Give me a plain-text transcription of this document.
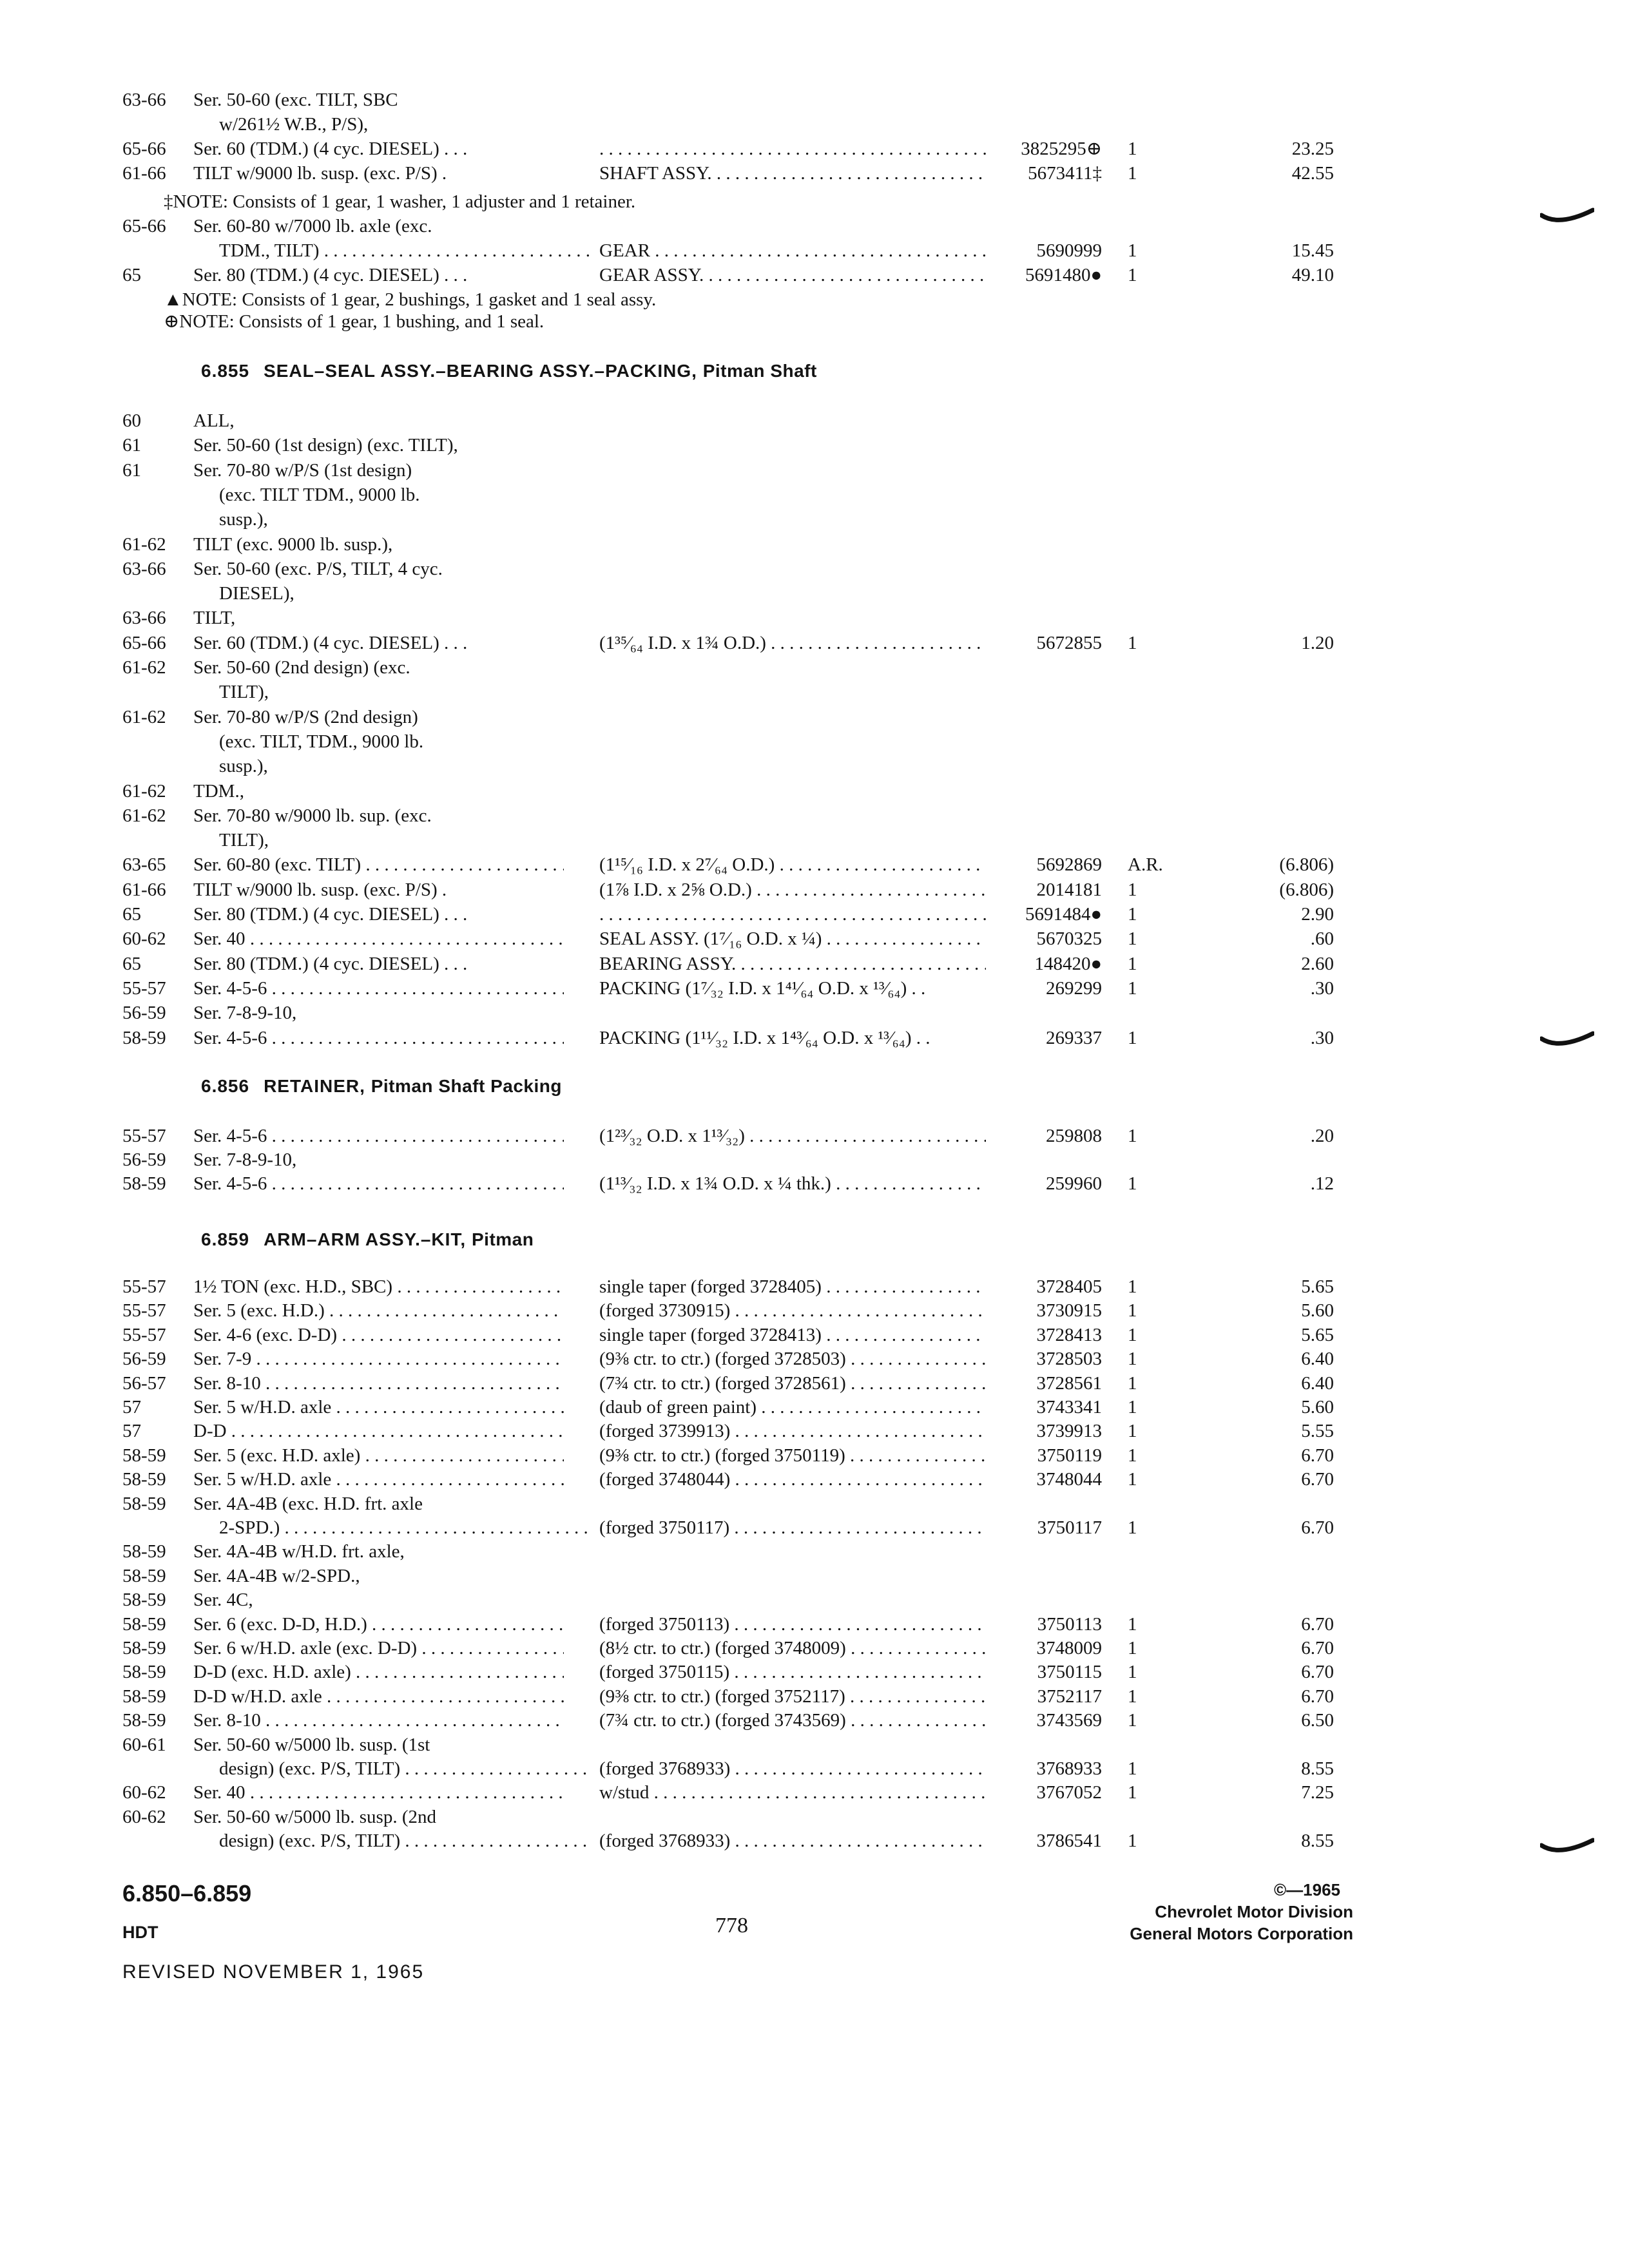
63-66 Ser. 50-60 (exc. TILT, SBC
w/261½ W.B., P/S),
65-66 Ser. 60 (TDM.) (4 cyc. DIESEL) . . . . . .	3825295⊕ 1	23.25
61-66 TILT w/9000 lb. susp. (exc. P/S) .	SHAFT ASSY. . . .	5673411‡ 1	42.55
‡NOTE: Consists of 1 gear, 1 washer, 1 adjuster and 1 retainer.
65-66 Ser. 60-80 w/7000 lb. axle (exc.
TDM., TILT) . . .	GEAR . . .	5690999 1	15.45
65	Ser. 80 (TDM.) (4 cyc. DIESEL) . . .	GEAR ASSY. . . .	5691480● 1	49.10
▲NOTE: Consists of 1 gear, 2 bushings, 1 gasket and 1 seal assy.
⊕NOTE: Consists of 1 gear, 1 bushing, and 1 seal.
6.855 SEAL–SEAL ASSY.–BEARING ASSY.–PACKING, Pitman Shaft
60	ALL,
61	Ser. 50-60 (1st design) (exc. TILT),
61	Ser. 70-80 w/P/S (1st design)
(exc. TILT TDM., 9000 lb.
susp.),
61-62 TILT (exc. 9000 lb. susp.),
63-66 Ser. 50-60 (exc. P/S, TILT, 4 cyc.
DIESEL),
63-66 TILT,
65-66 Ser. 60 (TDM.) (4 cyc. DIESEL) . . .	(1³⁵⁄₆₄ I.D. x 1¾ O.D.) . . .	5672855 1	1.20
61-62 Ser. 50-60 (2nd design) (exc.
TILT),
61-62 Ser. 70-80 w/P/S (2nd design)
(exc. TILT, TDM., 9000 lb.
susp.),
61-62 TDM.,
61-62 Ser. 70-80 w/9000 lb. sup. (exc.
TILT),
63-65 Ser. 60-80 (exc. TILT) . . .	(1¹⁵⁄₁₆ I.D. x 2⁷⁄₆₄ O.D.) . . .	5692869 A.R.	(6.806)
61-66 TILT w/9000 lb. susp. (exc. P/S) .	(1⅞ I.D. x 2⅝ O.D.) . . .	2014181 1	(6.806)
65	Ser. 80 (TDM.) (4 cyc. DIESEL) . . . . . .	5691484● 1	2.90
60-62 Ser. 40 . . .	SEAL ASSY. (1⁷⁄₁₆ O.D. x ¼) . . .	5670325 1	.60
65	Ser. 80 (TDM.) (4 cyc. DIESEL) . . .	BEARING ASSY. . . .	148420● 1	2.60
55-57 Ser. 4-5-6 . . .	PACKING (1⁷⁄₃₂ I.D. x 1⁴¹⁄₆₄ O.D. x ¹³⁄₆₄) . .	269299 1	.30
56-59 Ser. 7-8-9-10,
58-59 Ser. 4-5-6 . . .	PACKING (1¹¹⁄₃₂ I.D. x 1⁴³⁄₆₄ O.D. x ¹³⁄₆₄) . .	269337 1	.30
6.856 RETAINER, Pitman Shaft Packing
55-57 Ser. 4-5-6 . . .	(1²³⁄₃₂ O.D. x 1¹³⁄₃₂) . . .	259808 1	.20
56-59 Ser. 7-8-9-10,
58-59 Ser. 4-5-6 . . .	(1¹³⁄₃₂ I.D. x 1¾ O.D. x ¼ thk.) . . .	259960 1	.12
6.859 ARM–ARM ASSY.–KIT, Pitman
55-57 1½ TON (exc. H.D., SBC) . . .	single taper (forged 3728405) . . .	3728405 1	5.65
55-57 Ser. 5 (exc. H.D.) . . .	(forged 3730915) . . .	3730915 1	5.60
55-57 Ser. 4-6 (exc. D-D) . . .	single taper (forged 3728413) . . .	3728413 1	5.65
56-59 Ser. 7-9 . . .	(9⅜ ctr. to ctr.) (forged 3728503) . . .	3728503 1	6.40
56-57 Ser. 8-10 . . .	(7¾ ctr. to ctr.) (forged 3728561) . . .	3728561 1	6.40
57	Ser. 5 w/H.D. axle . . .	(daub of green paint) . . .	3743341 1	5.60
57	D-D . . .	(forged 3739913) . . .	3739913 1	5.55
58-59 Ser. 5 (exc. H.D. axle) . . .	(9⅜ ctr. to ctr.) (forged 3750119) . . .	3750119 1	6.70
58-59 Ser. 5 w/H.D. axle . . .	(forged 3748044) . . .	3748044 1	6.70
58-59 Ser. 4A-4B (exc. H.D. frt. axle
2-SPD.) . . .	(forged 3750117) . . .	3750117 1	6.70
58-59 Ser. 4A-4B w/H.D. frt. axle,
58-59 Ser. 4A-4B w/2-SPD.,
58-59 Ser. 4C,
58-59 Ser. 6 (exc. D-D, H.D.) . . .	(forged 3750113) . . .	3750113 1	6.70
58-59 Ser. 6 w/H.D. axle (exc. D-D) . . .	(8½ ctr. to ctr.) (forged 3748009) . . .	3748009 1	6.70
58-59 D-D (exc. H.D. axle) . . .	(forged 3750115) . . .	3750115 1	6.70
58-59 D-D w/H.D. axle . . .	(9⅜ ctr. to ctr.) (forged 3752117) . . .	3752117 1	6.70
58-59 Ser. 8-10 . . .	(7¾ ctr. to ctr.) (forged 3743569) . . .	3743569 1	6.50
60-61 Ser. 50-60 w/5000 lb. susp. (1st
design) (exc. P/S, TILT) . . .	(forged 3768933) . . .	3768933 1	8.55
60-62 Ser. 40 . . .	w/stud . . .	3767052 1	7.25
60-62 Ser. 50-60 w/5000 lb. susp. (2nd
design) (exc. P/S, TILT) . . .	(forged 3768933) . . .	3786541 1	8.55
6.850–6.859
HDT	778
REVISED NOVEMBER 1, 1965
©—1965
Chevrolet Motor Division
General Motors Corporation
